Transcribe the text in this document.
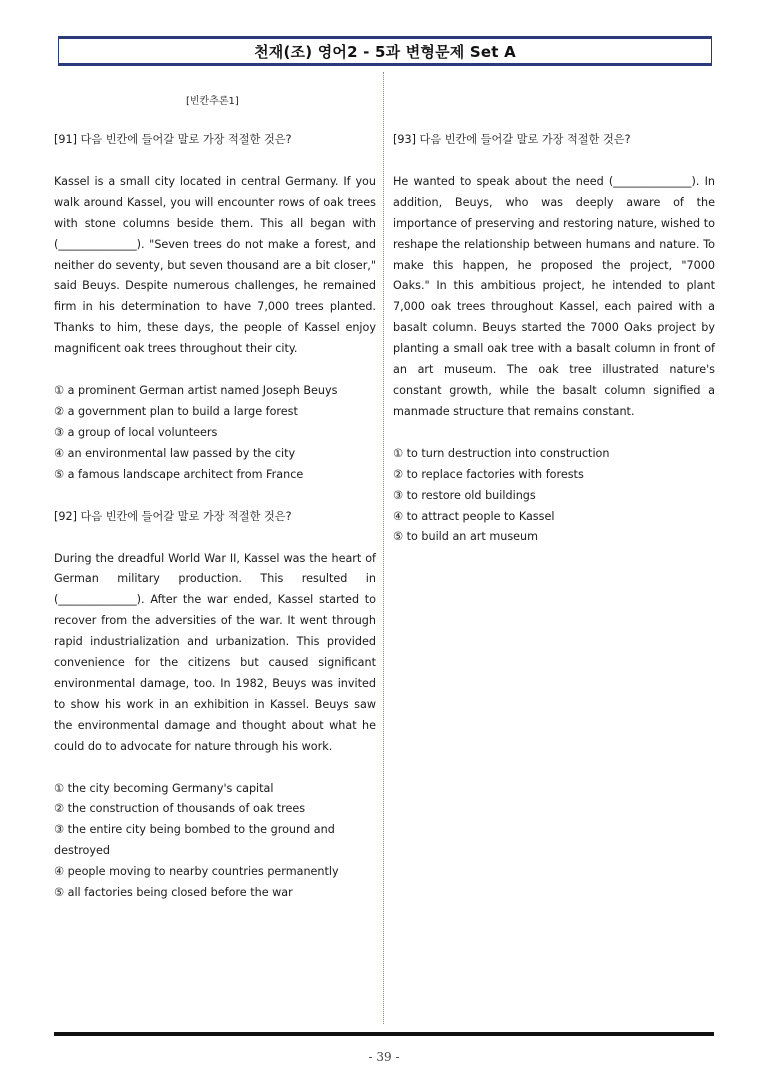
천재(조) 영어2 - 5과 변형문제 Set A
[빈칸추론1]

[91] 다음 빈칸에 들어갈 말로 가장 적절한 것은?

Kassel is a small city located in central Germany. If you walk around Kassel, you will encounter rows of oak trees with stone columns beside them. This all began with (______________). "Seven trees do not make a forest, and neither do seventy, but seven thousand are a bit closer," said Beuys. Despite numerous challenges, he remained firm in his determination to have 7,000 trees planted. Thanks to him, these days, the people of Kassel enjoy magnificent oak trees throughout their city.

① a prominent German artist named Joseph Beuys
② a government plan to build a large forest
③ a group of local volunteers
④ an environmental law passed by the city
⑤ a famous landscape architect from France

[92] 다음 빈칸에 들어갈 말로 가장 적절한 것은?

During the dreadful World War II, Kassel was the heart of German military production. This resulted in (______________). After the war ended, Kassel started to recover from the adversities of the war. It went through rapid industrialization and urbanization. This provided convenience for the citizens but caused significant environmental damage, too. In 1982, Beuys was invited to show his work in an exhibition in Kassel. Beuys saw the environmental damage and thought about what he could do to advocate for nature through his work.

① the city becoming Germany's capital
② the construction of thousands of oak trees
③ the entire city being bombed to the ground and destroyed
④ people moving to nearby countries permanently
⑤ all factories being closed before the war

[93] 다음 빈칸에 들어갈 말로 가장 적절한 것은?

He wanted to speak about the need (______________). In addition, Beuys, who was deeply aware of the importance of preserving and restoring nature, wished to reshape the relationship between humans and nature. To make this happen, he proposed the project, "7000 Oaks." In this ambitious project, he intended to plant 7,000 oak trees throughout Kassel, each paired with a basalt column. Beuys started the 7000 Oaks project by planting a small oak tree with a basalt column in front of an art museum. The oak tree illustrated nature's constant growth, while the basalt column signified a manmade structure that remains constant.

① to turn destruction into construction
② to replace factories with forests
③ to restore old buildings
④ to attract people to Kassel
⑤ to build an art museum
- 39 -
